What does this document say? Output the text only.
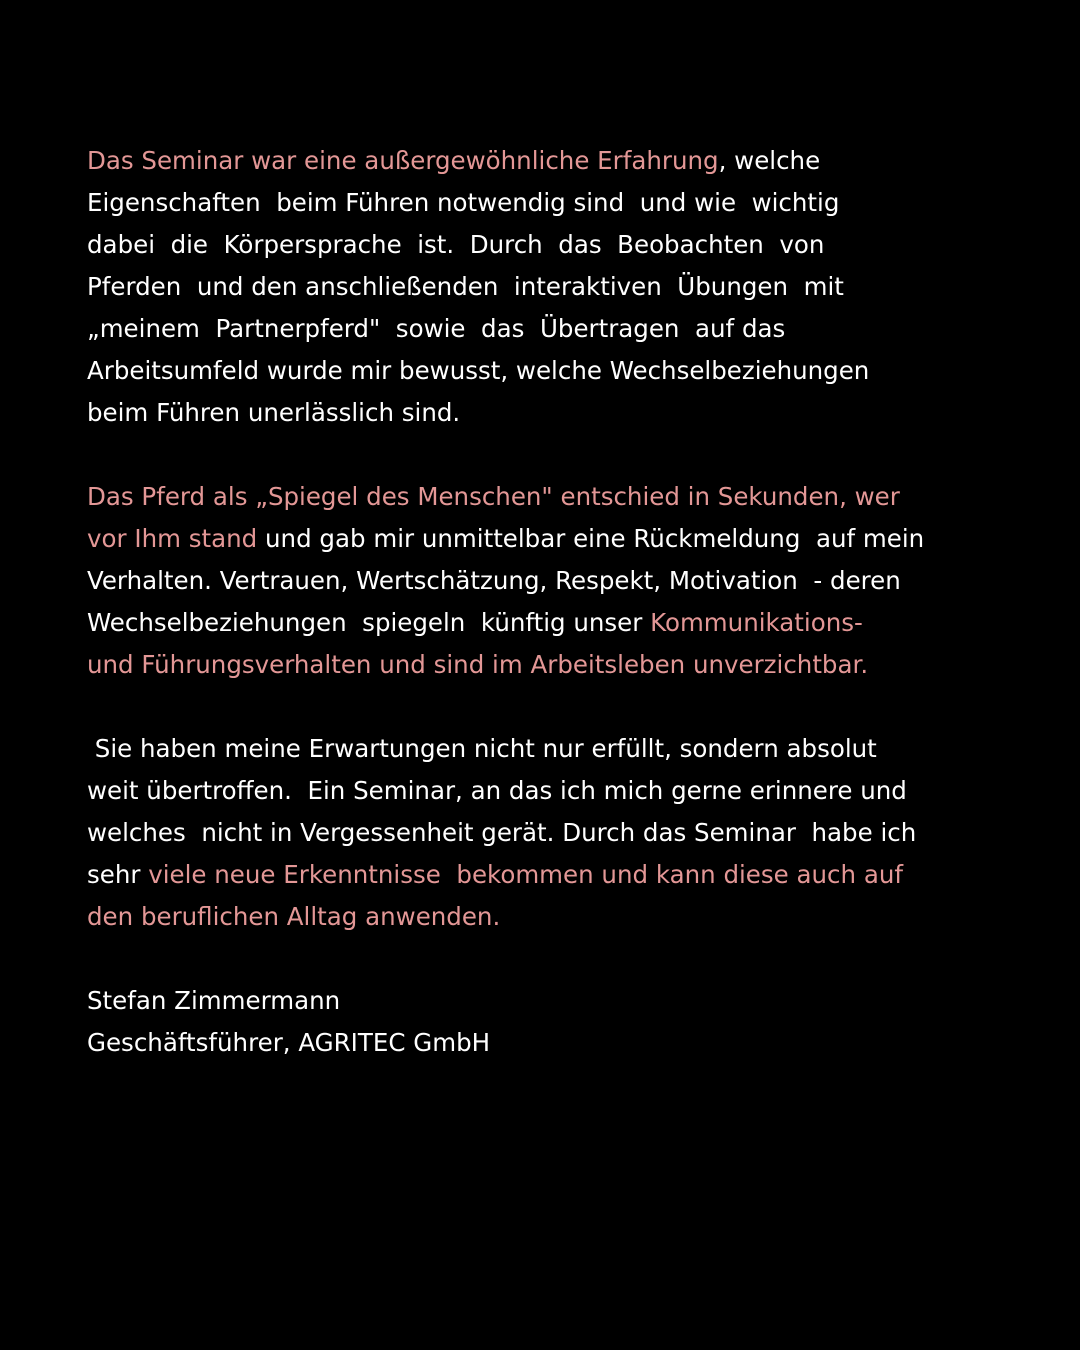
Das Seminar war eine außergewöhnliche Erfahrung, welche
Eigenschaften  beim Führen notwendig sind  und wie  wichtig
dabei  die  Körpersprache  ist.  Durch  das  Beobachten  von
Pferden  und den anschließenden  interaktiven  Übungen  mit
„meinem  Partnerpferd"  sowie  das  Übertragen  auf das
Arbeitsumfeld wurde mir bewusst, welche Wechselbeziehungen
beim Führen unerlässlich sind.
Das Pferd als „Spiegel des Menschen" entschied in Sekunden, wer
vor Ihm stand und gab mir unmittelbar eine Rückmeldung  auf mein
Verhalten. Vertrauen, Wertschätzung, Respekt, Motivation  - deren
Wechselbeziehungen  spiegeln  künftig unser Kommunikations-
und Führungsverhalten und sind im Arbeitsleben unverzichtbar.
Sie haben meine Erwartungen nicht nur erfüllt, sondern absolut
weit übertroffen.  Ein Seminar, an das ich mich gerne erinnere und
welches  nicht in Vergessenheit gerät. Durch das Seminar  habe ich
sehr viele neue Erkenntnisse  bekommen und kann diese auch auf
den beruflichen Alltag anwenden.
Stefan Zimmermann
Geschäftsführer, AGRITEC GmbH
